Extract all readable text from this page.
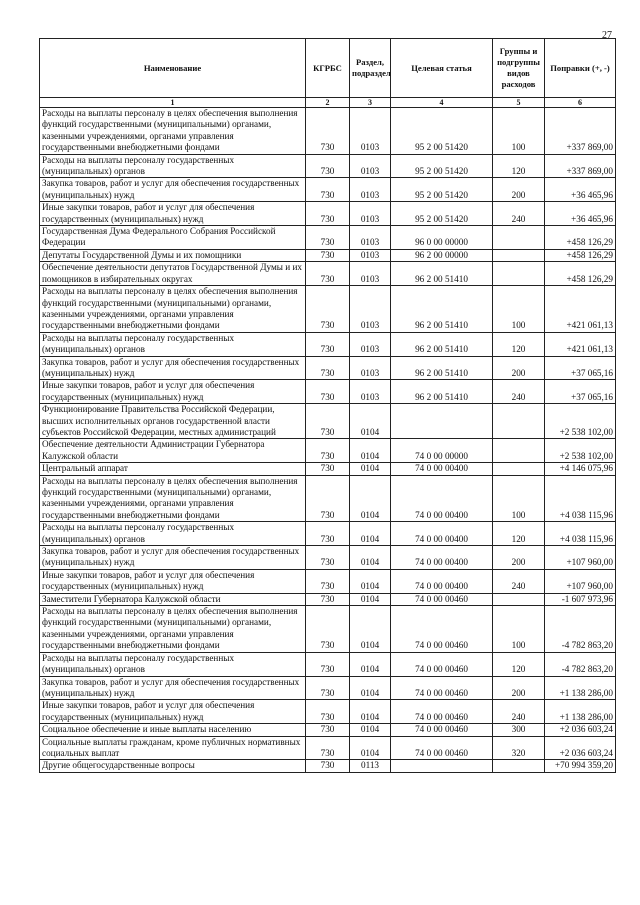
27
Наименование	КГРБС	Раздел, подраздел	Целевая статья	Группы и подгруппы видов расходов	Поправки (+, -)
1	2	3	4	5	6
Расходы на выплаты персоналу в целях обеспечения выполнения функций государственными (муниципальными) органами, казенными учреждениями, органами управления государственными внебюджетными фондами	730	0103	95 2 00 51420	100	+337 869,00
Расходы на выплаты персоналу государственных (муниципальных) органов	730	0103	95 2 00 51420	120	+337 869,00
Закупка товаров, работ и услуг для обеспечения государственных (муниципальных) нужд	730	0103	95 2 00 51420	200	+36 465,96
Иные закупки товаров, работ и услуг для обеспечения государственных (муниципальных) нужд	730	0103	95 2 00 51420	240	+36 465,96
Государственная Дума Федерального Собрания Российской Федерации	730	0103	96 0 00 00000		+458 126,29
Депутаты Государственной Думы и их помощники	730	0103	96 2 00 00000		+458 126,29
Обеспечение деятельности депутатов Государственной Думы и их помощников в избирательных округах	730	0103	96 2 00 51410		+458 126,29
Расходы на выплаты персоналу в целях обеспечения выполнения функций государственными (муниципальными) органами, казенными учреждениями, органами управления государственными внебюджетными фондами	730	0103	96 2 00 51410	100	+421 061,13
Расходы на выплаты персоналу государственных (муниципальных) органов	730	0103	96 2 00 51410	120	+421 061,13
Закупка товаров, работ и услуг для обеспечения государственных (муниципальных) нужд	730	0103	96 2 00 51410	200	+37 065,16
Иные закупки товаров, работ и услуг для обеспечения государственных (муниципальных) нужд	730	0103	96 2 00 51410	240	+37 065,16
Функционирование Правительства Российской Федерации, высших исполнительных органов государственной власти субъектов Российской Федерации, местных администраций	730	0104			+2 538 102,00
Обеспечение деятельности Администрации Губернатора Калужской области	730	0104	74 0 00 00000		+2 538 102,00
Центральный аппарат	730	0104	74 0 00 00400		+4 146 075,96
Расходы на выплаты персоналу в целях обеспечения выполнения функций государственными (муниципальными) органами, казенными учреждениями, органами управления государственными внебюджетными фондами	730	0104	74 0 00 00400	100	+4 038 115,96
Расходы на выплаты персоналу государственных (муниципальных) органов	730	0104	74 0 00 00400	120	+4 038 115,96
Закупка товаров, работ и услуг для обеспечения государственных (муниципальных) нужд	730	0104	74 0 00 00400	200	+107 960,00
Иные закупки товаров, работ и услуг для обеспечения государственных (муниципальных) нужд	730	0104	74 0 00 00400	240	+107 960,00
Заместители Губернатора Калужской области	730	0104	74 0 00 00460		-1 607 973,96
Расходы на выплаты персоналу в целях обеспечения выполнения функций государственными (муниципальными) органами, казенными учреждениями, органами управления государственными внебюджетными фондами	730	0104	74 0 00 00460	100	-4 782 863,20
Расходы на выплаты персоналу государственных (муниципальных) органов	730	0104	74 0 00 00460	120	-4 782 863,20
Закупка товаров, работ и услуг для обеспечения государственных (муниципальных) нужд	730	0104	74 0 00 00460	200	+1 138 286,00
Иные закупки товаров, работ и услуг для обеспечения государственных (муниципальных) нужд	730	0104	74 0 00 00460	240	+1 138 286,00
Социальное обеспечение и иные выплаты населению	730	0104	74 0 00 00460	300	+2 036 603,24
Социальные выплаты гражданам, кроме публичных нормативных социальных выплат	730	0104	74 0 00 00460	320	+2 036 603,24
Другие общегосударственные вопросы	730	0113			+70 994 359,20
